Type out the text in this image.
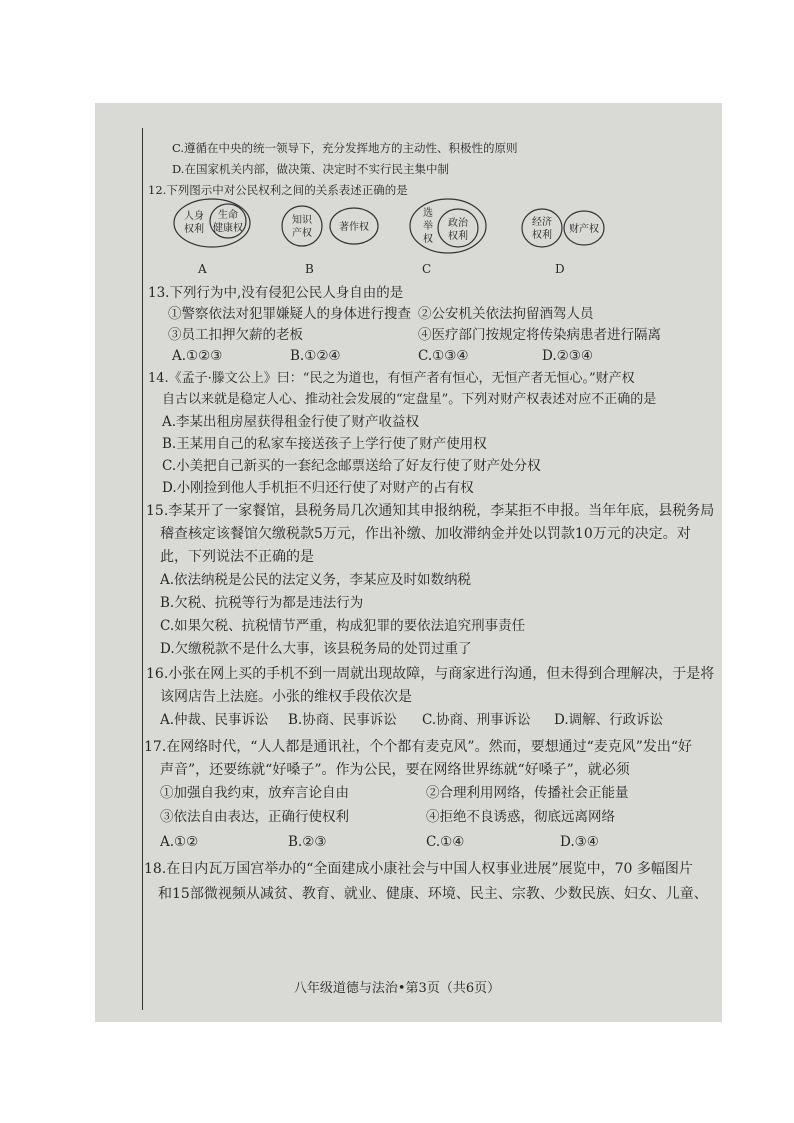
C.遵循在中央的统一领导下，充分发挥地方的主动性、积极性的原则
D.在国家机关内部，做决策、决定时不实行民主集中制
12.下列图示中对公民权利之间的关系表述正确的是
人身
权利
生命
健康权
知识
产权
著作权
选
举
权
政治
权利
经济
权利
财产权
A	B	C	D
13.下列行为中,没有侵犯公民人身自由的是
①警察依法对犯罪嫌疑人的身体进行搜查 ②公安机关依法拘留酒驾人员
③员工扣押欠薪的老板	④医疗部门按规定将传染病患者进行隔离
A.①②③	B.①②④	C.①③④	D.②③④
14.《孟子·滕文公上》曰：“民之为道也，有恒产者有恒心，无恒产者无恒心。”财产权
自古以来就是稳定人心、推动社会发展的“定盘星”。下列对财产权表述对应不正确的是
A.李某出租房屋获得租金行使了财产收益权
B.王某用自己的私家车接送孩子上学行使了财产使用权
C.小美把自己新买的一套纪念邮票送给了好友行使了财产处分权
D.小刚捡到他人手机拒不归还行使了对财产的占有权
15.李某开了一家餐馆，县税务局几次通知其申报纳税，李某拒不申报。当年年底，县税务局
稽查核定该餐馆欠缴税款5万元，作出补缴、加收滞纳金并处以罚款10万元的决定。对
此，下列说法不正确的是
A.依法纳税是公民的法定义务，李某应及时如数纳税
B.欠税、抗税等行为都是违法行为
C.如果欠税、抗税情节严重，构成犯罪的要依法追究刑事责任
D.欠缴税款不是什么大事，该县税务局的处罚过重了
16.小张在网上买的手机不到一周就出现故障，与商家进行沟通，但未得到合理解决，于是将
该网店告上法庭。小张的维权手段依次是
A.仲裁、民事诉讼 B.协商、民事诉讼 C.协商、刑事诉讼 D.调解、行政诉讼
17.在网络时代，“人人都是通讯社，个个都有麦克风”。然而，要想通过“麦克风”发出“好
声音”，还要练就“好嗓子”。作为公民，要在网络世界练就“好嗓子”，就必须
①加强自我约束，放弃言论自由	②合理利用网络，传播社会正能量
③依法自由表达，正确行使权利	④拒绝不良诱惑，彻底远离网络
A.①②	B.②③	C.①④	D.③④
18.在日内瓦万国宫举办的“全面建成小康社会与中国人权事业进展”展览中，70 多幅图片
和15部微视频从减贫、教育、就业、健康、环境、民主、宗教、少数民族、妇女、儿童、
八年级道德与法治•第3页（共6页）
